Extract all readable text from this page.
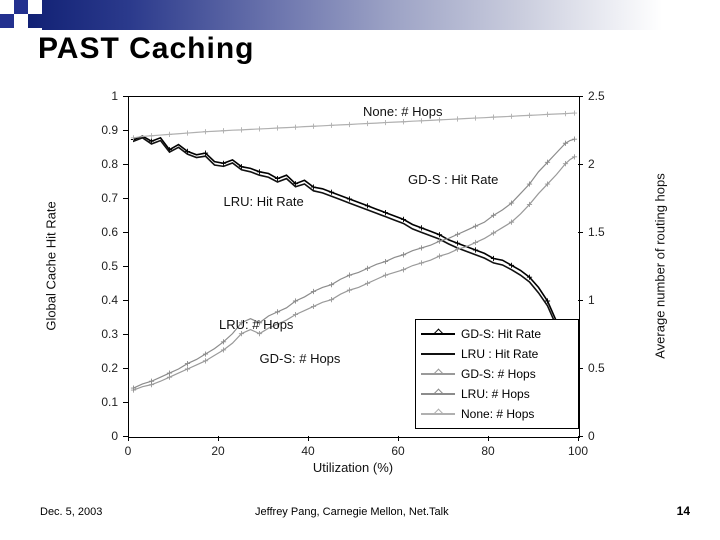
PAST Caching
Global Cache Hit Rate	Average number of routing hops
Utilization (%)
None: # Hops
GD-S : Hit Rate
LRU: Hit Rate
LRU: # Hops
GD-S: # Hops
GD-S: Hit Rate
LRU : Hit Rate
GD-S: # Hops
LRU: # Hops
None: # Hops
0
0.1
0.2
0.3
0.4
0.5
0.6
0.7
0.8
0.9
1
0
0.5
1
1.5
2
2.5
0	20	40	60	80	100
Dec. 5, 2003	Jeffrey Pang, Carnegie Mellon, Net.Talk	14
